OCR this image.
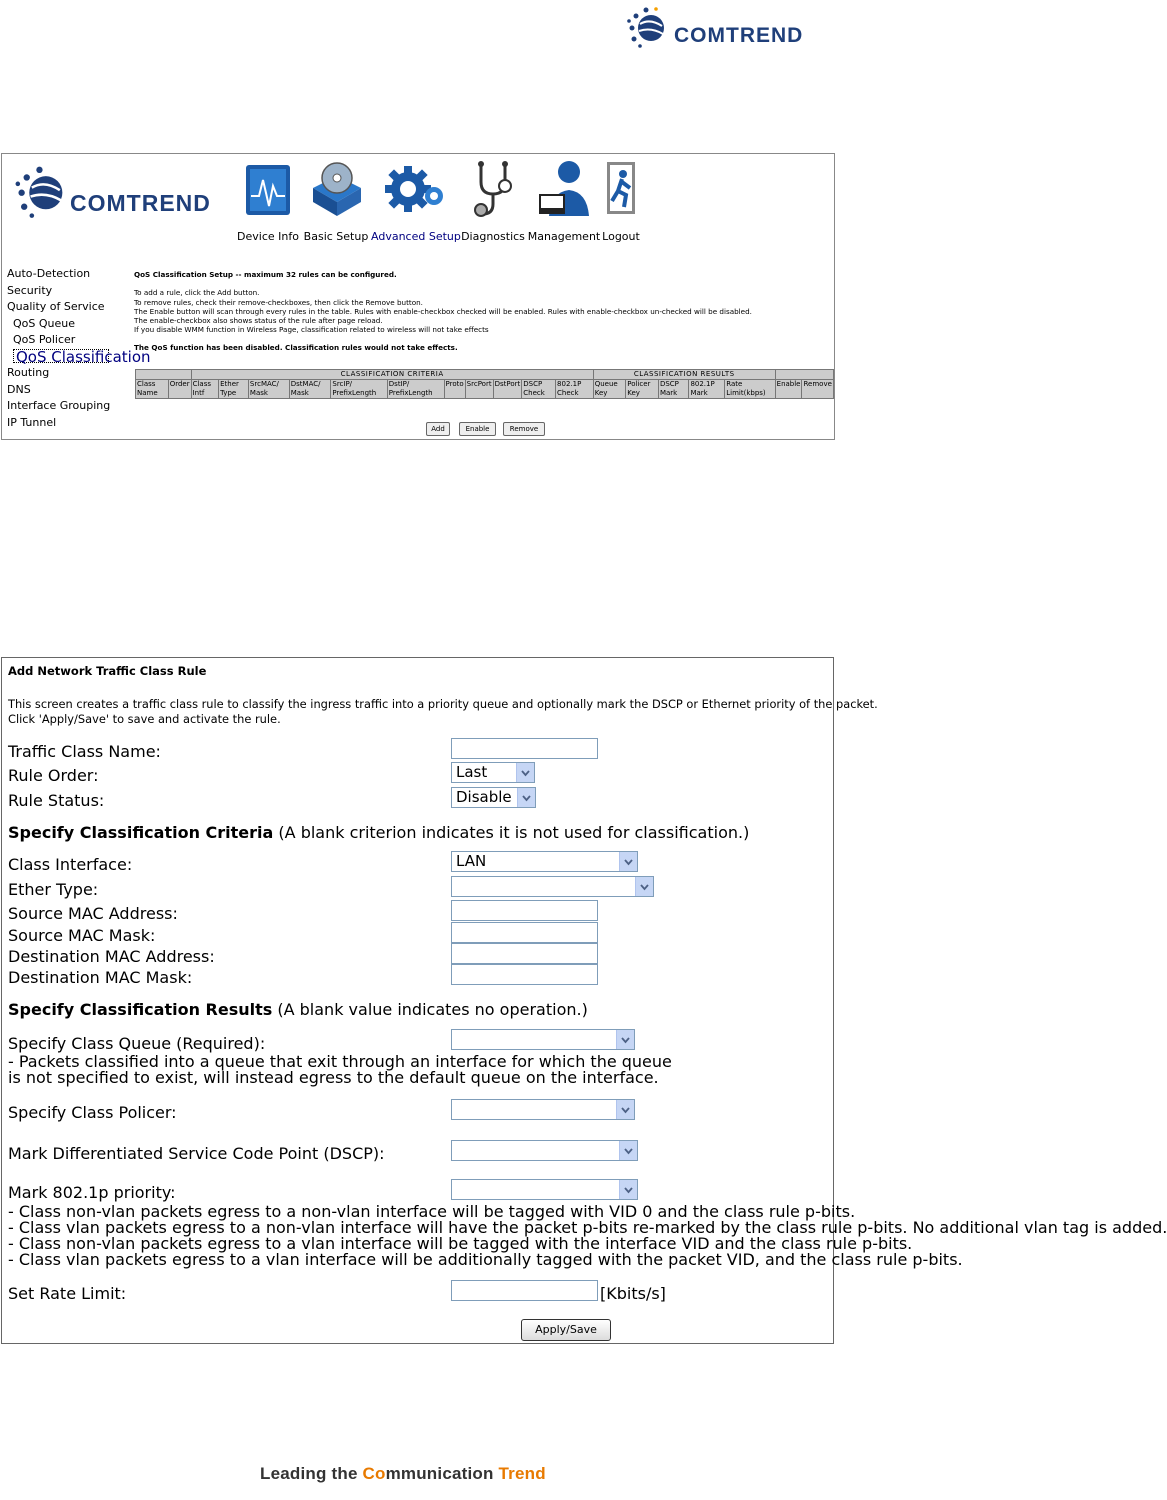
COMTREND
COMTREND
Device Info Basic Setup Advanced Setup Diagnostics Management Logout
Auto-Detection
Security
Quality of Service
QoS Queue
QoS Policer
QoS Classification
Routing
DNS
Interface Grouping
IP Tunnel
QoS Classification Setup -- maximum 32 rules can be configured.
To add a rule, click the Add button.
To remove rules, check their remove-checkboxes, then click the Remove button.
The Enable button will scan through every rules in the table. Rules with enable-checkbox checked will be enabled. Rules with enable-checkbox un-checked will be disabled.
The enable-checkbox also shows status of the rule after page reload.
If you disable WMM function in Wireless Page, classification related to wireless will not take effects
The QoS function has been disabled. Classification rules would not take effects.
		CLASSIFICATION CRITERIA											CLASSIFICATION RESULTS						
Class Name	Order	Class Intf	Ether Type	SrcMAC/ Mask	DstMAC/ Mask	SrcIP/ PrefixLength	DstIP/ PrefixLength	Proto	SrcPort	DstPort	DSCP Check	802.1P Check	Queue Key	Policer Key	DSCP Mark	802.1P Mark	Rate Limit(kbps)	Enable	Remove
Add	Enable	Remove
Add Network Traffic Class Rule
This screen creates a traffic class rule to classify the ingress traffic into a priority queue and optionally mark the DSCP or Ethernet priority of the packet.
Click 'Apply/Save' to save and activate the rule.
Traffic Class Name:
Rule Order:	Last
Rule Status:	Disable
Specify Classification Criteria (A blank criterion indicates it is not used for classification.)
Class Interface:	LAN
Ether Type:
Source MAC Address:
Source MAC Mask:
Destination MAC Address:
Destination MAC Mask:
Specify Classification Results (A blank value indicates no operation.)
Specify Class Queue (Required):
- Packets classified into a queue that exit through an interface for which the queue
is not specified to exist, will instead egress to the default queue on the interface.
Specify Class Policer:
Mark Differentiated Service Code Point (DSCP):
Mark 802.1p priority:
- Class non-vlan packets egress to a non-vlan interface will be tagged with VID 0 and the class rule p-bits.
- Class vlan packets egress to a non-vlan interface will have the packet p-bits re-marked by the class rule p-bits. No additional vlan tag is added.
- Class non-vlan packets egress to a vlan interface will be tagged with the interface VID and the class rule p-bits.
- Class vlan packets egress to a vlan interface will be additionally tagged with the packet VID, and the class rule p-bits.
Set Rate Limit:	[Kbits/s]
Apply/Save
Leading the Communication Trend
